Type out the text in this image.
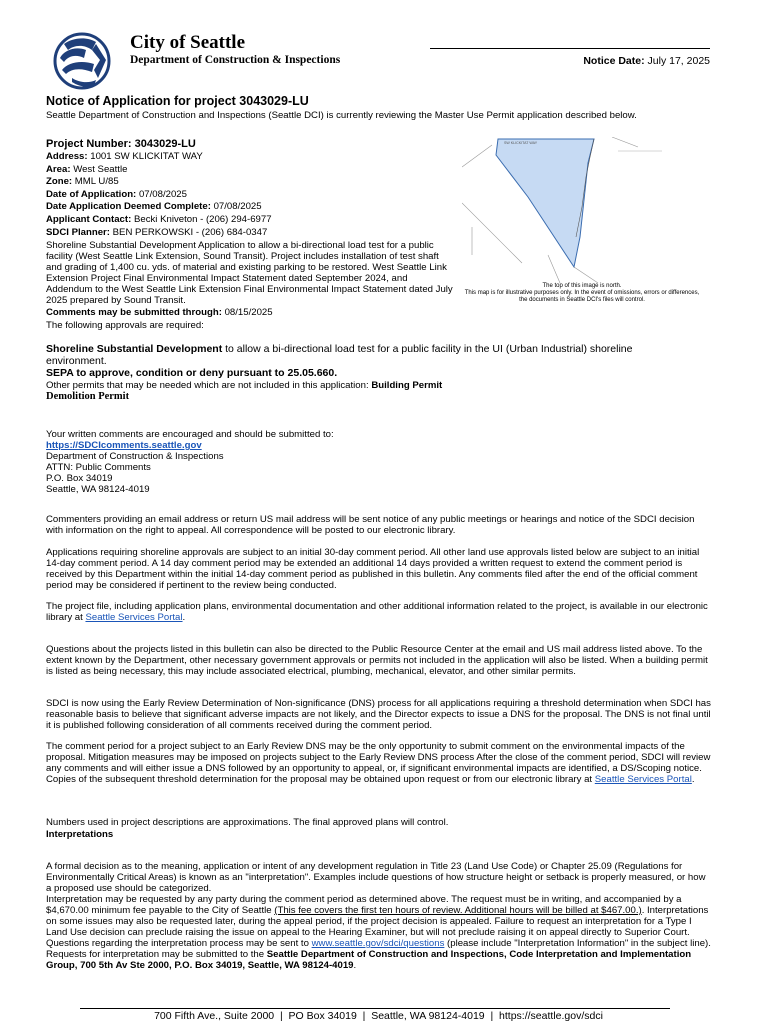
City of Seattle
Department of Construction & Inspections	Notice Date: July 17, 2025
Notice of Application for project 3043029-LU
Seattle Department of Construction and Inspections (Seattle DCI) is currently reviewing the Master Use Permit application described below.
Project Number: 3043029-LU
Address: 1001 SW KLICKITAT WAY
Area: West Seattle
Zone: MML U/85
Date of Application: 07/08/2025
Date Application Deemed Complete: 07/08/2025
Applicant Contact: Becki Kniveton - (206) 294-6977
SDCI Planner: BEN PERKOWSKI - (206) 684-0347
Shoreline Substantial Development Application to allow a bi-directional load test for a public facility (West Seattle Link Extension, Sound Transit). Project includes installation of test shaft and grading of 1,400 cu. yds. of material and existing parking to be restored. West Seattle Link Extension Project Final Environmental Impact Statement dated September 2024, and Addendum to the West Seattle Link Extension Final Environmental Impact Statement dated July 2025 prepared by Sound Transit.
Comments may be submitted through: 08/15/2025
The following approvals are required:
SW KLICKITAT WAY
The top of this image is north.
This map is for illustrative purposes only. In the event of omissions, errors or differences, the documents in Seattle DCI's files will control.
Shoreline Substantial Development to allow a bi-directional load test for a public facility in the UI (Urban Industrial) shoreline environment.
SEPA to approve, condition or deny pursuant to 25.05.660.
Other permits that may be needed which are not included in this application: Building Permit
Demolition Permit
Your written comments are encouraged and should be submitted to:
https://SDCIcomments.seattle.gov
Department of Construction & Inspections
ATTN: Public Comments
P.O. Box 34019
Seattle, WA 98124-4019

Commenters providing an email address or return US mail address will be sent notice of any public meetings or hearings and notice of the SDCI decision with information on the right to appeal. All correspondence will be posted to our electronic library.

Applications requiring shoreline approvals are subject to an initial 30-day comment period. All other land use approvals listed below are subject to an initial 14-day comment period. A 14 day comment period may be extended an additional 14 days provided a written request to extend the comment period is received by this Department within the initial 14-day comment period as published in this bulletin. Any comments filed after the end of the official comment period may be considered if pertinent to the review being conducted.

The project file, including application plans, environmental documentation and other additional information related to the project, is available in our electronic library at Seattle Services Portal.

Questions about the projects listed in this bulletin can also be directed to the Public Resource Center at the email and US mail address listed above. To the extent known by the Department, other necessary government approvals or permits not included in the application will also be listed. When a building permit is listed as being necessary, this may include associated electrical, plumbing, mechanical, elevator, and other similar permits.

SDCI is now using the Early Review Determination of Non-significance (DNS) process for all applications requiring a threshold determination when SDCI has reasonable basis to believe that significant adverse impacts are not likely, and the Director expects to issue a DNS for the proposal. The DNS is not final until it is published following consideration of all comments received during the comment period.

The comment period for a project subject to an Early Review DNS may be the only opportunity to submit comment on the environmental impacts of the proposal. Mitigation measures may be imposed on projects subject to the Early Review DNS process After the close of the comment period, SDCI will review any comments and will either issue a DNS followed by an opportunity to appeal, or, if significant environmental impacts are identified, a DS/Scoping notice. Copies of the subsequent threshold determination for the proposal may be obtained upon request or from our electronic library at Seattle Services Portal.

Numbers used in project descriptions are approximations. The final approved plans will control.

Interpretations

A formal decision as to the meaning, application or intent of any development regulation in Title 23 (Land Use Code) or Chapter 25.09 (Regulations for Environmentally Critical Areas) is known as an "interpretation". Examples include questions of how structure height or setback is properly measured, or how a proposed use should be categorized.

Interpretation may be requested by any party during the comment period as determined above. The request must be in writing, and accompanied by a $4,670.00 minimum fee payable to the City of Seattle (This fee covers the first ten hours of review. Additional hours will be billed at $467.00.). Interpretations on some issues may also be requested later, during the appeal period, if the project decision is appealed. Failure to request an interpretation for a Type I Land Use decision can preclude raising the issue on appeal to the Hearing Examiner, but will not preclude raising it on appeal directly to Superior Court. Questions regarding the interpretation process may be sent to www.seattle.gov/sdci/questions (please include "Interpretation Information" in the subject line). Requests for interpretation may be submitted to the Seattle Department of Construction and Inspections, Code Interpretation and Implementation Group, 700 5th Av Ste 2000, P.O. Box 34019, Seattle, WA 98124-4019.
700 Fifth Ave., Suite 2000  |  PO Box 34019  |  Seattle, WA 98124-4019  |  https://seattle.gov/sdci
